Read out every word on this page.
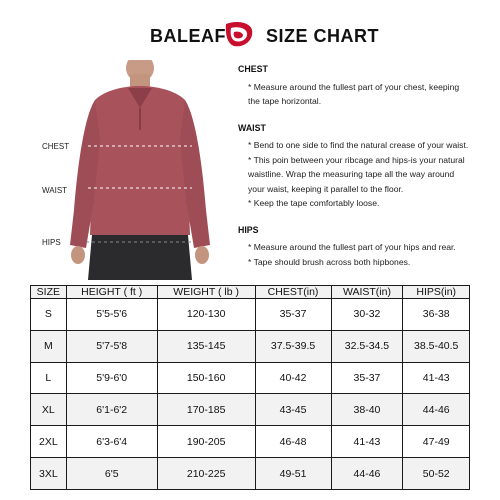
BALEAF SIZE CHART
CHEST
WAIST
HIPS
CHEST
* Measure around the fullest part of your chest, keeping
the tape horizontal.
WAIST
* Bend to one side to find the natural crease of your waist.
* This poin between your ribcage and hips-is your natural
waistline. Wrap the measuring tape all the way around
your waist, keeping it parallel to the floor.
* Keep the tape comfortably loose.
HIPS
* Measure around the fullest part of your hips and rear.
* Tape should brush across both hipbones.
SIZE	HEIGHT ( ft )	WEIGHT ( lb )	CHEST(in)	WAIST(in)	HIPS(in)
S	5'5-5'6	120-130	35-37	30-32	36-38
M	5'7-5'8	135-145	37.5-39.5	32.5-34.5	38.5-40.5
L	5'9-6'0	150-160	40-42	35-37	41-43
XL	6'1-6'2	170-185	43-45	38-40	44-46
2XL	6'3-6'4	190-205	46-48	41-43	47-49
3XL	6'5	210-225	49-51	44-46	50-52
